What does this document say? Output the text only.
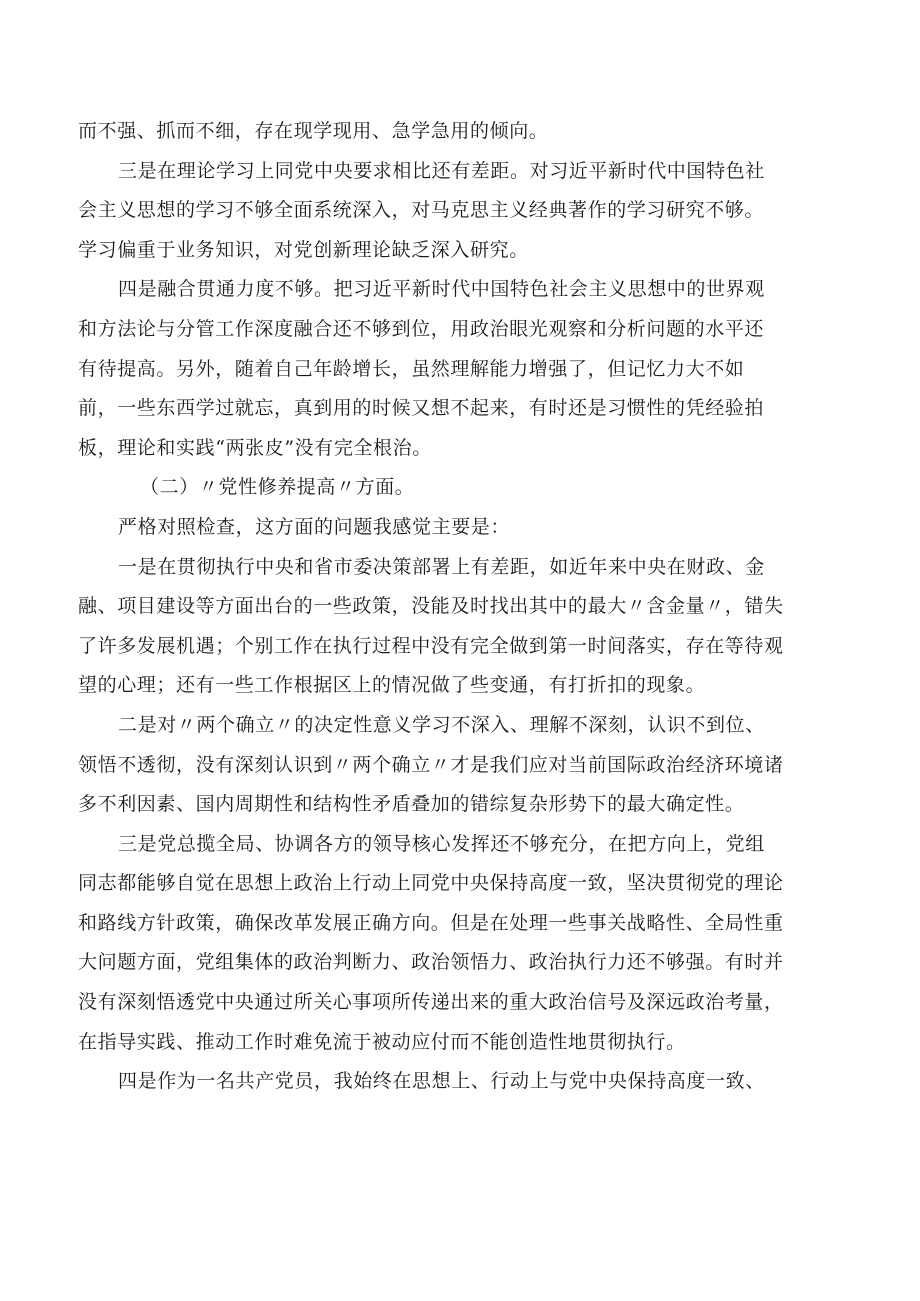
而不强、抓而不细，存在现学现用、急学急用的倾向。
三是在理论学习上同党中央要求相比还有差距。对习近平新时代中国特色社
会主义思想的学习不够全面系统深入，对马克思主义经典著作的学习研究不够。
学习偏重于业务知识，对党创新理论缺乏深入研究。
四是融合贯通力度不够。把习近平新时代中国特色社会主义思想中的世界观
和方法论与分管工作深度融合还不够到位，用政治眼光观察和分析问题的水平还
有待提高。另外，随着自己年龄增长，虽然理解能力增强了，但记忆力大不如
前，一些东西学过就忘，真到用的时候又想不起来，有时还是习惯性的凭经验拍
板，理论和实践“两张皮”没有完全根治。
（二）〃党性修养提高〃方面。
严格对照检查，这方面的问题我感觉主要是：
一是在贯彻执行中央和省市委决策部署上有差距，如近年来中央在财政、金
融、项目建设等方面出台的一些政策，没能及时找出其中的最大〃含金量〃，错失
了许多发展机遇；个别工作在执行过程中没有完全做到第一时间落实，存在等待观
望的心理；还有一些工作根据区上的情况做了些变通，有打折扣的现象。
二是对〃两个确立〃的决定性意义学习不深入、理解不深刻，认识不到位、
领悟不透彻，没有深刻认识到〃两个确立〃才是我们应对当前国际政治经济环境诸
多不利因素、国内周期性和结构性矛盾叠加的错综复杂形势下的最大确定性。
三是党总揽全局、协调各方的领导核心发挥还不够充分，在把方向上，党组
同志都能够自觉在思想上政治上行动上同党中央保持高度一致，坚决贯彻党的理论
和路线方针政策，确保改革发展正确方向。但是在处理一些事关战略性、全局性重
大问题方面，党组集体的政治判断力、政治领悟力、政治执行力还不够强。有时并
没有深刻悟透党中央通过所关心事项所传递出来的重大政治信号及深远政治考量，
在指导实践、推动工作时难免流于被动应付而不能创造性地贯彻执行。
四是作为一名共产党员，我始终在思想上、行动上与党中央保持高度一致、
